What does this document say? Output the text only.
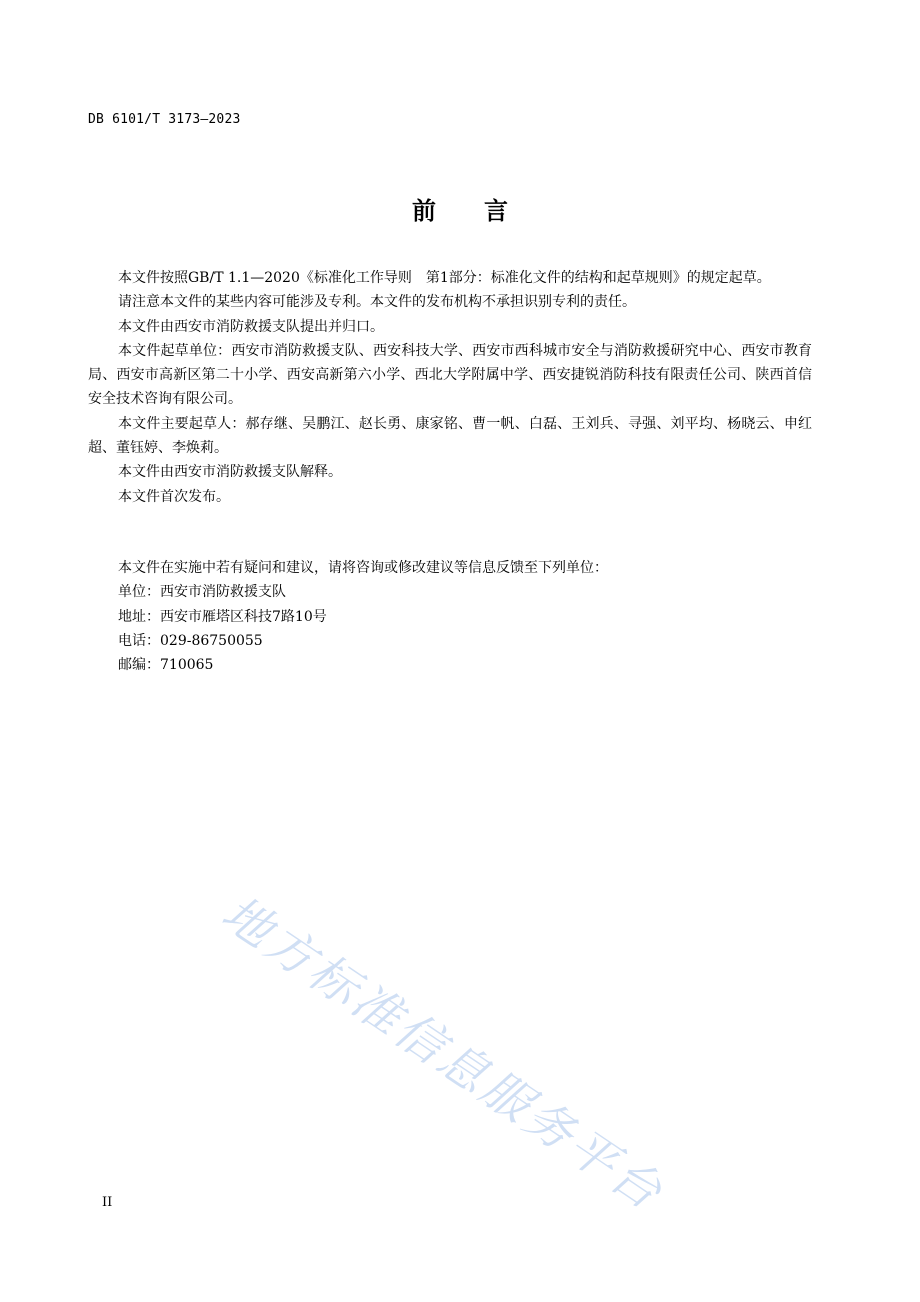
DB 6101/T 3173—2023
前 言

本文件按照GB/T 1.1—2020《标准化工作导则　第1部分：标准化文件的结构和起草规则》的规定起草。

请注意本文件的某些内容可能涉及专利。本文件的发布机构不承担识别专利的责任。

本文件由西安市消防救援支队提出并归口。

本文件起草单位：西安市消防救援支队、西安科技大学、西安市西科城市安全与消防救援研究中心、西安市教育局、西安市高新区第二十小学、西安高新第六小学、西北大学附属中学、西安捷锐消防科技有限责任公司、陕西首信安全技术咨询有限公司。

本文件主要起草人：郝存继、吴鹏江、赵长勇、康家铭、曹一帆、白磊、王刘兵、寻强、刘平均、杨晓云、申红超、董钰婷、李焕莉。

本文件由西安市消防救援支队解释。

本文件首次发布。

本文件在实施中若有疑问和建议，请将咨询或修改建议等信息反馈至下列单位：

单位：西安市消防救援支队

地址：西安市雁塔区科技7路10号

电话：029-86750055

邮编：710065

地方标准信息服务平台
II
